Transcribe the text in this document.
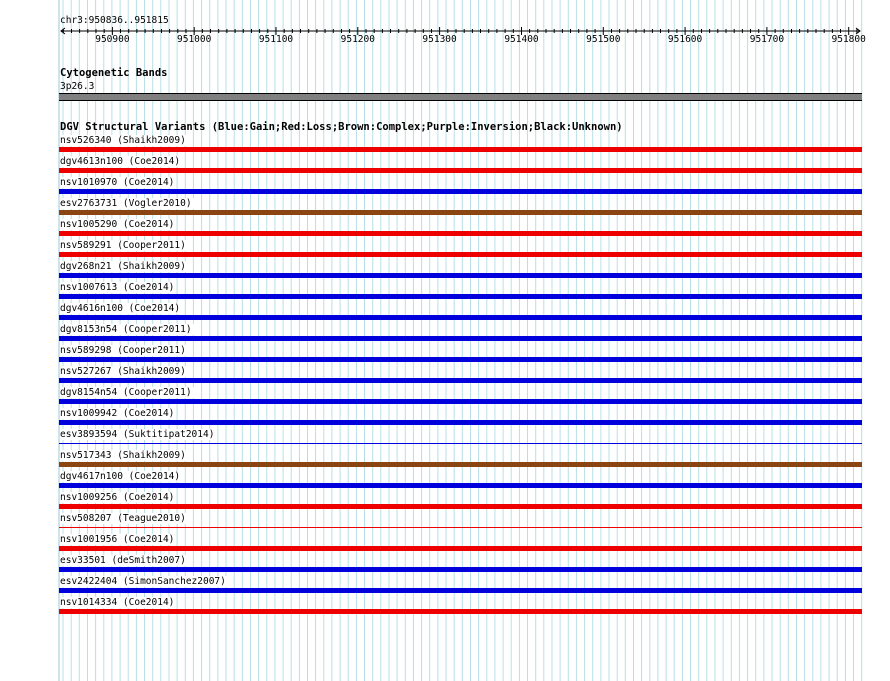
chr3:950836..951815
950900	951000	951100	951200	951300	951400	951500	951600	951700	951800
Cytogenetic Bands
3p26.3
DGV Structural Variants (Blue:Gain;Red:Loss;Brown:Complex;Purple:Inversion;Black:Unknown)
nsv526340 (Shaikh2009)
dgv4613n100 (Coe2014)
nsv1010970 (Coe2014)
esv2763731 (Vogler2010)
nsv1005290 (Coe2014)
nsv589291 (Cooper2011)
dgv268n21 (Shaikh2009)
nsv1007613 (Coe2014)
dgv4616n100 (Coe2014)
dgv8153n54 (Cooper2011)
nsv589298 (Cooper2011)
nsv527267 (Shaikh2009)
dgv8154n54 (Cooper2011)
nsv1009942 (Coe2014)
esv3893594 (Suktitipat2014)
nsv517343 (Shaikh2009)
dgv4617n100 (Coe2014)
nsv1009256 (Coe2014)
nsv508207 (Teague2010)
nsv1001956 (Coe2014)
esv33501 (deSmith2007)
esv2422404 (SimonSanchez2007)
nsv1014334 (Coe2014)
